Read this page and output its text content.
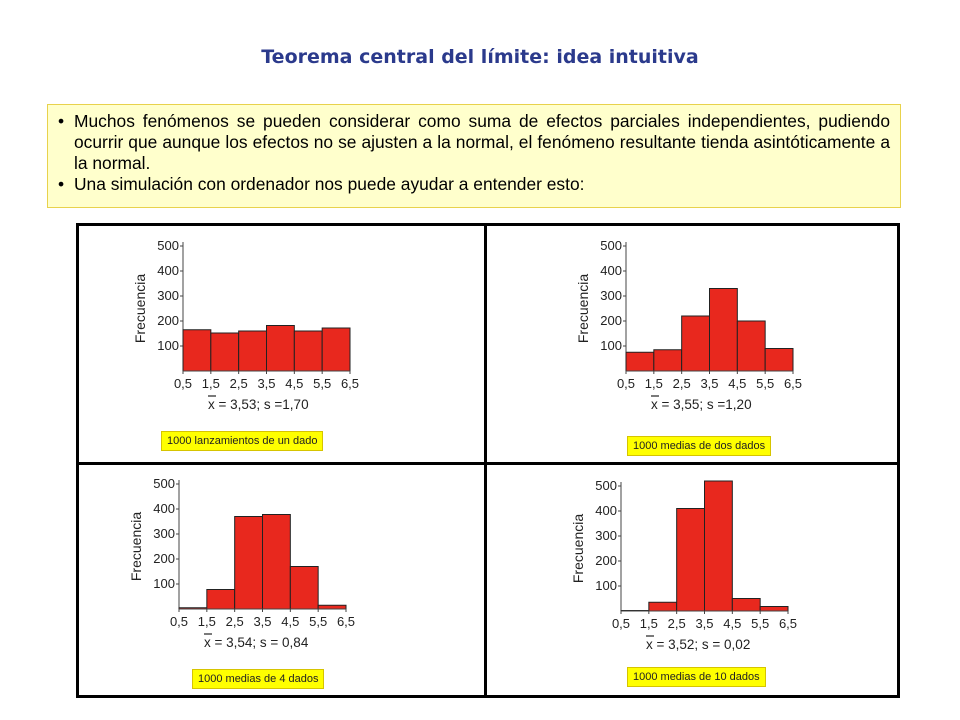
Teorema central del límite: idea intuitiva
• Muchos fenómenos se pueden considerar como suma de efectos parciales independientes, pudiendo ocurrir que aunque los efectos no se ajusten a la normal, el fenómeno resultante tienda asintóticamente a la normal.
• Una simulación con ordenador nos puede ayudar a entender esto:
Frecuencia
100
200
300
400
500
0,5 1,5 2,5 3,5 4,5 5,5 6,5
x = 3,53; s =1,70
1000 lanzamientos de un dado
Frecuencia
100
200
300
400
500
0,5 1,5 2,5 3,5 4,5 5,5 6,5
x = 3,55; s =1,20
1000 medias de dos dados
Frecuencia
100
200
300
400
500
0,5 1,5 2,5 3,5 4,5 5,5 6,5
x = 3,54; s = 0,84
1000 medias de 4 dados
Frecuencia
100
200
300
400
500
0,5 1,5 2,5 3,5 4,5 5,5 6,5
x = 3,52; s = 0,02
1000 medias de 10 dados
